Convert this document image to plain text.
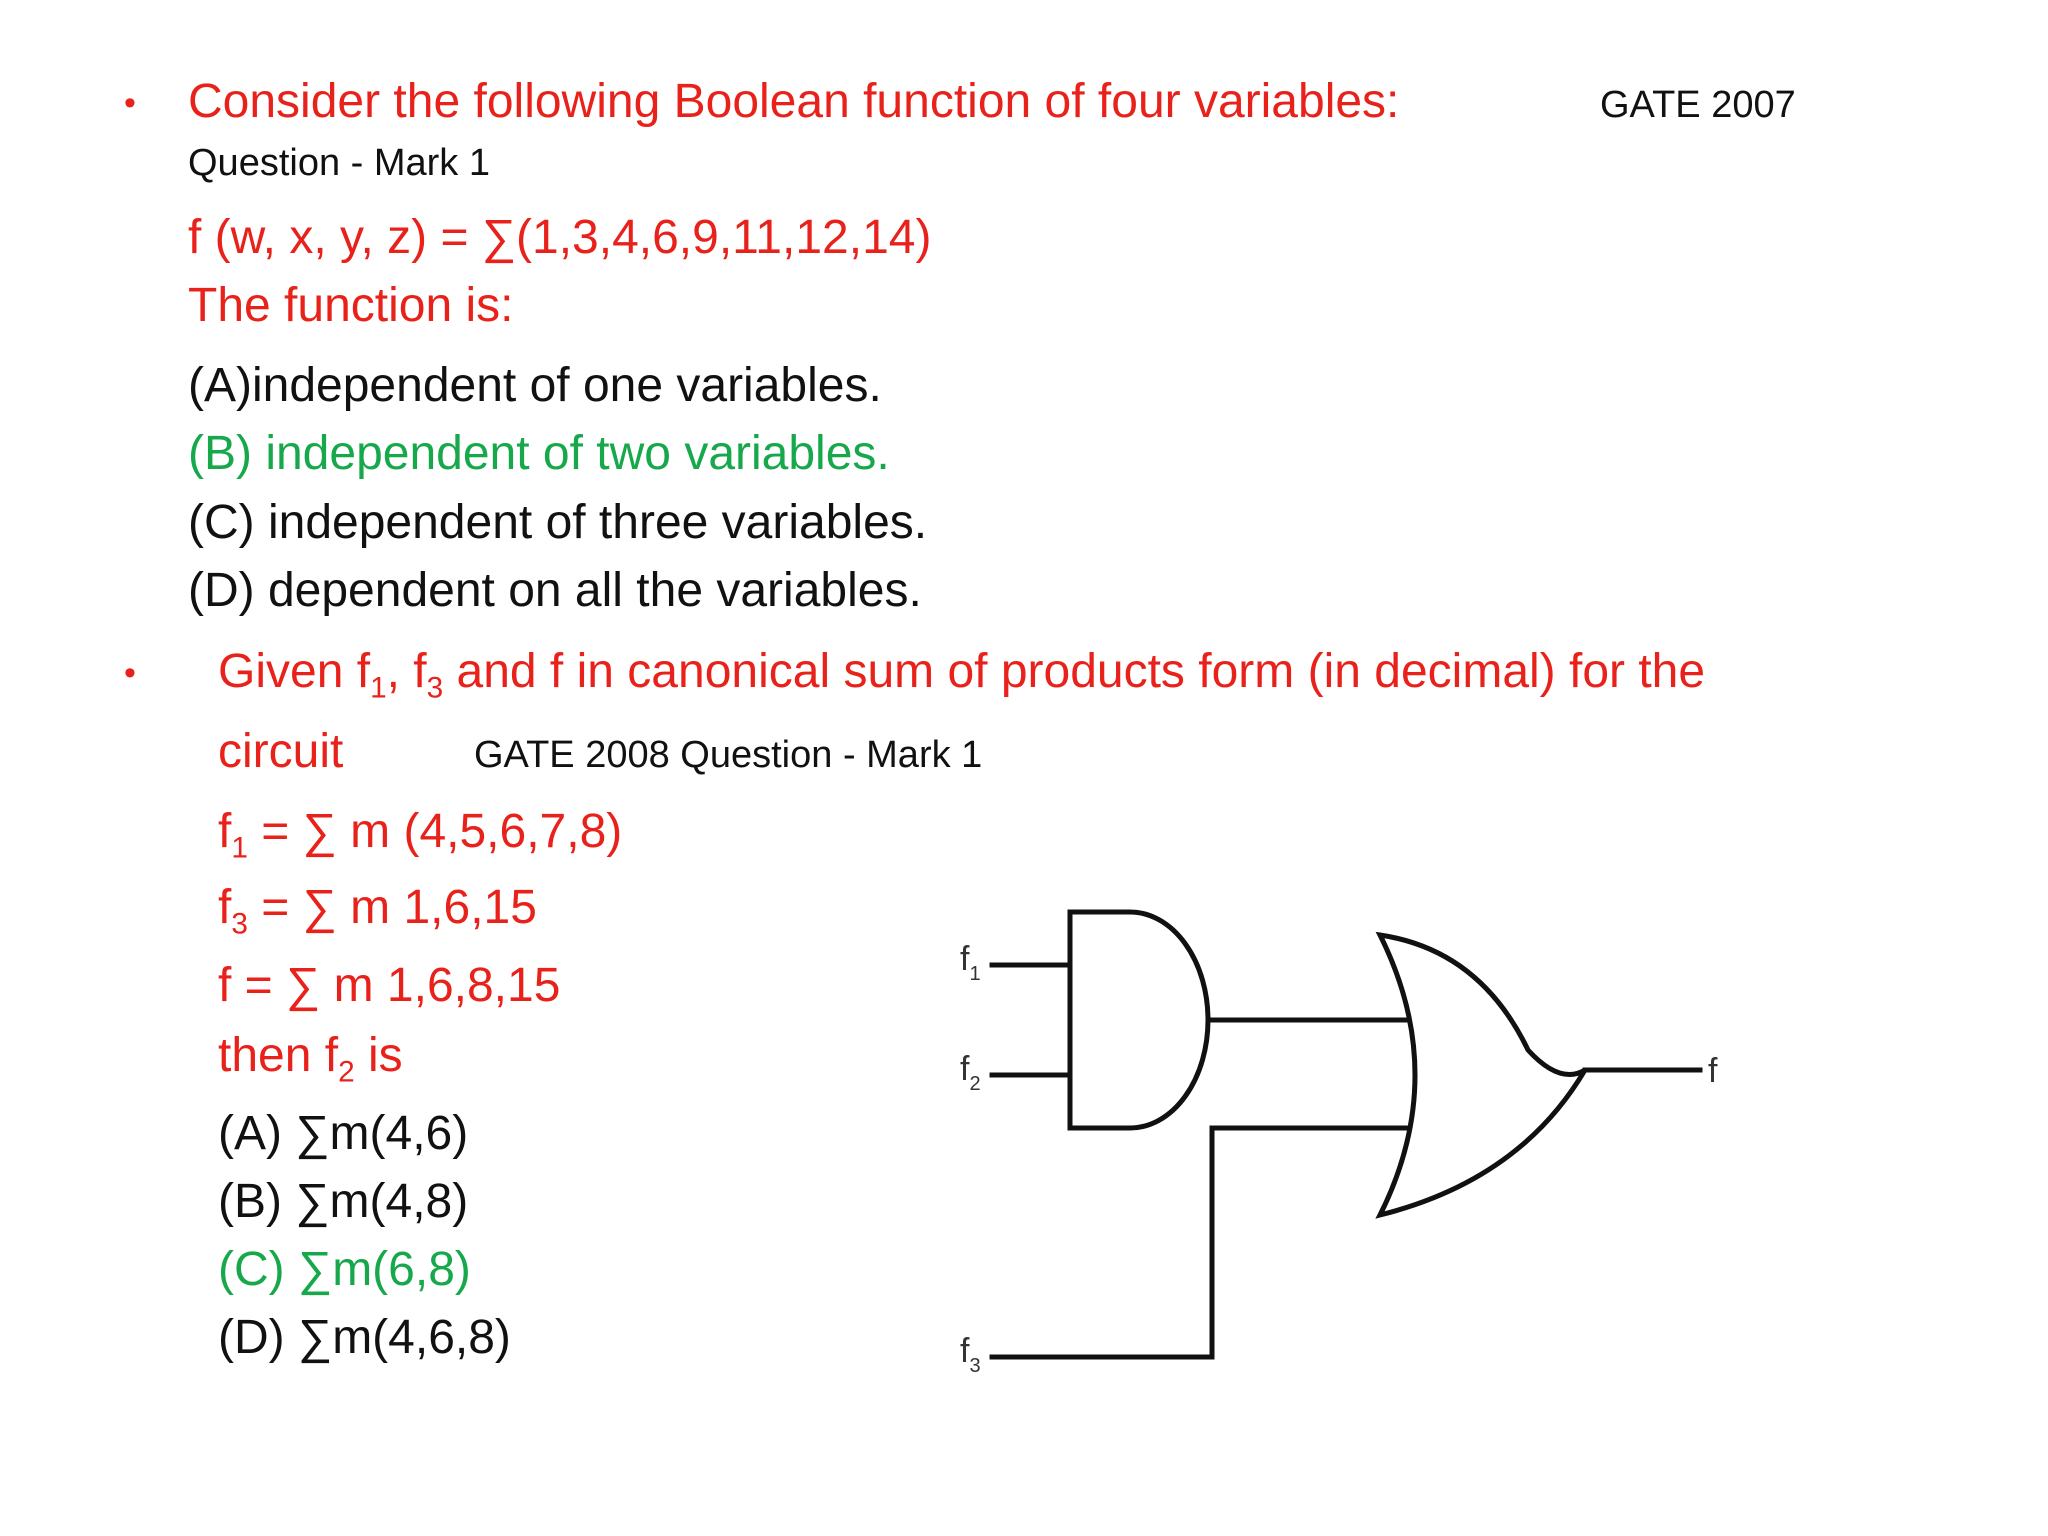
• Consider the following Boolean function of four variables:	GATE 2007
Question - Mark 1
f (w, x, y, z) = ∑(1,3,4,6,9,11,12,14)
The function is:
(A)independent of one variables.
(B) independent of two variables.
(C) independent of three variables.
(D) dependent on all the variables.
• Given $f_1$, $f_3$ and f in canonical sum of products form (in decimal) for the
circuit	GATE 2008 Question - Mark 1
$f_1$ = ∑ m (4,5,6,7,8)
$f_3$ = ∑ m 1,6,15
f = ∑ m 1,6,8,15
then $f_2$ is
(A) ∑m(4,6)
(B) ∑m(4,8)
(C) ∑m(6,8)
(D) ∑m(4,6,8)
$f_1$
$f_2$
$f_3$
f
